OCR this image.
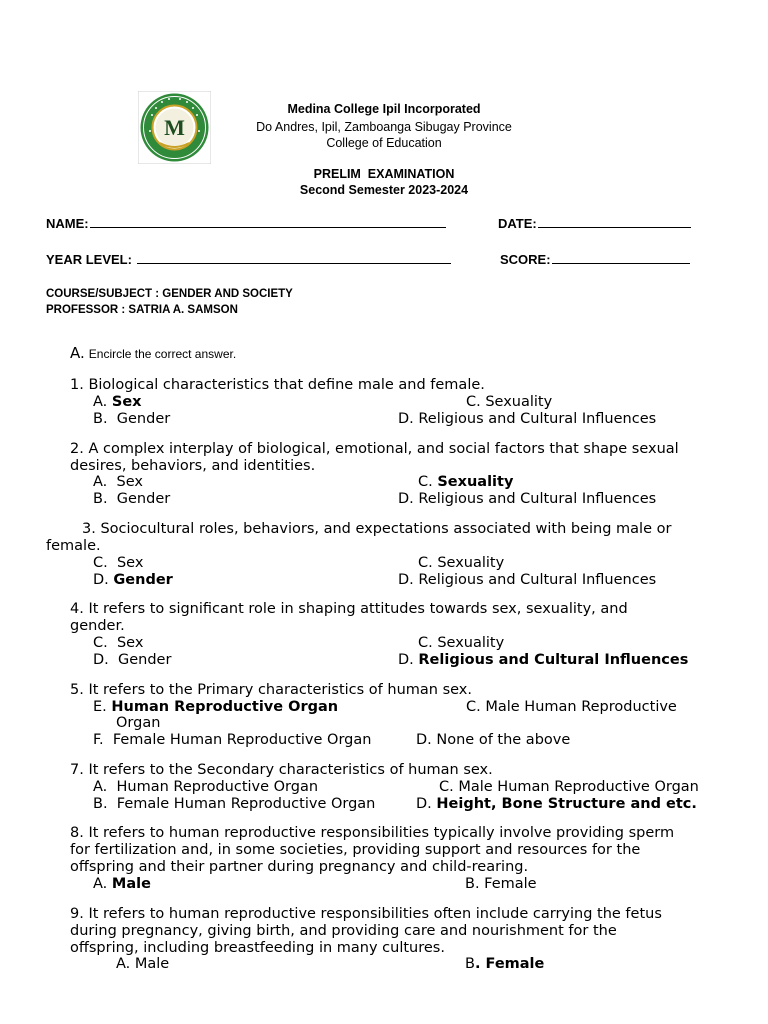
M
Medina College Ipil Incorporated
Do Andres, Ipil, Zamboanga Sibugay Province
College of Education
PRELIM  EXAMINATION
Second Semester 2023-2024
NAME:	DATE:
YEAR LEVEL:	SCORE:
COURSE/SUBJECT : GENDER AND SOCIETY
PROFESSOR : SATRIA A. SAMSON
A. Encircle the correct answer.
1. Biological characteristics that define male and female.
A. Sex	C. Sexuality
B.  Gender	D. Religious and Cultural Influences
2. A complex interplay of biological, emotional, and social factors that shape sexual
desires, behaviors, and identities.
A.  Sex	C. Sexuality
B.  Gender	D. Religious and Cultural Influences
3. Sociocultural roles, behaviors, and expectations associated with being male or
female.
C.  Sex	C. Sexuality
D. Gender	D. Religious and Cultural Influences
4. It refers to significant role in shaping attitudes towards sex, sexuality, and
gender.
C.  Sex	C. Sexuality
D.  Gender	D. Religious and Cultural Influences
5. It refers to the Primary characteristics of human sex.
E. Human Reproductive Organ	C. Male Human Reproductive
Organ
F.  Female Human Reproductive Organ	D. None of the above
7. It refers to the Secondary characteristics of human sex.
A.  Human Reproductive Organ	C. Male Human Reproductive Organ
B.  Female Human Reproductive Organ	D. Height, Bone Structure and etc.
8. It refers to human reproductive responsibilities typically involve providing sperm
for fertilization and, in some societies, providing support and resources for the
offspring and their partner during pregnancy and child-rearing.
A. Male	B. Female
9. It refers to human reproductive responsibilities often include carrying the fetus
during pregnancy, giving birth, and providing care and nourishment for the
offspring, including breastfeeding in many cultures.
A. Male	B. Female
